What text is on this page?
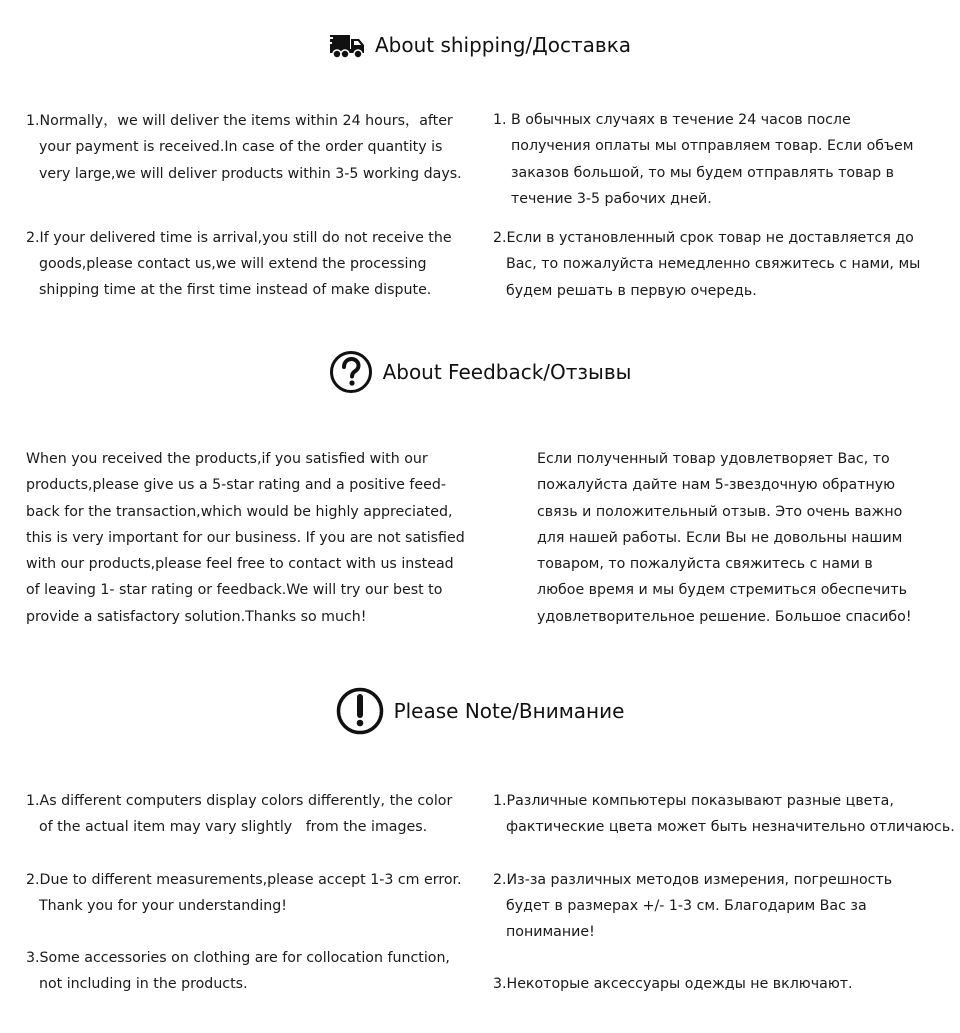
About shipping/Доставка

1.Normally，we will deliver the items within 24 hours，after

your payment is received.In case of the order quantity is

very large,we will deliver products within 3-5 working days.

2.If your delivered time is arrival,you still do not receive the

goods,please contact us,we will extend the processing

shipping time at the first time instead of make dispute.

1. В обычных случаях в течение 24 часов после

получения оплаты мы отправляем товар. Если объем

заказов большой, то мы будем отправлять товар в

течение 3-5 рабочих дней.

2.Если в установленный срок товар не доставляется до

Вас, то пожалуйста немедленно свяжитесь с нами, мы

будем решать в первую очередь.

About Feedback/Отзывы

When you received the products,if you satisfied with our

products,please give us a 5-star rating and a positive feed-

back for the transaction,which would be highly appreciated,

this is very important for our business. If you are not satisfied

with our products,please feel free to contact with us instead

of leaving 1- star rating or feedback.We will try our best to

provide a satisfactory solution.Thanks so much!

Если полученный товар удовлетворяет Вас, то

пожалуйста дайте нам 5-звездочную обратную

связь и положительный отзыв. Это очень важно

для нашей работы. Если Вы не довольны нашим

товаром, то пожалуйста свяжитесь с нами в

любое время и мы будем стремиться обеспечить

удовлетворительное решение. Большое спасибо!

Please Note/Внимание

1.As different computers display colors differently, the color

of the actual item may vary slightly   from the images.

2.Due to different measurements,please accept 1-3 cm error.

Thank you for your understanding!

3.Some accessories on clothing are for collocation function,

not including in the products.

1.Различные компьютеры показывают разные цвета,

фактические цвета может быть незначительно отличаюсь.

2.Из-за различных методов измерения, погрешность

будет в размерах +/- 1-3 см. Благодарим Вас за

понимание!

3.Некоторые аксессуары одежды не включают.
